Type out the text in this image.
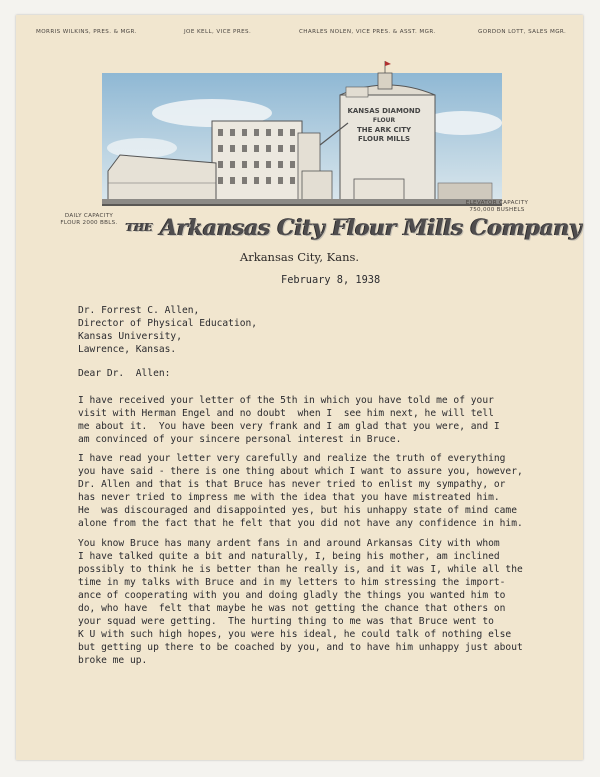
MORRIS WILKINS, PRES. & MGR.	JOE KELL, VICE PRES.	CHARLES NOLEN, VICE PRES. & ASST. MGR.	GORDON LOTT, SALES MGR.
KANSAS DIAMOND
FLOUR
THE ARK CITY
FLOUR MILLS
DAILY CAPACITY
FLOUR 2000 BBLS.
ELEVATOR CAPACITY
750,000 BUSHELS
THE Arkansas City Flour Mills Company
Arkansas City, Kans.
February 8, 1938
Dr. Forrest C. Allen,
Director of Physical Education,
Kansas University,
Lawrence, Kansas.
Dear Dr.  Allen:
I have received your letter of the 5th in which you have told me of your
visit with Herman Engel and no doubt  when I  see him next, he will tell
me about it.  You have been very frank and I am glad that you were, and I
am convinced of your sincere personal interest in Bruce.
I have read your letter very carefully and realize the truth of everything
you have said - there is one thing about which I want to assure you, however,
Dr. Allen and that is that Bruce has never tried to enlist my sympathy, or
has never tried to impress me with the idea that you have mistreated him.
He  was discouraged and disappointed yes, but his unhappy state of mind came
alone from the fact that he felt that you did not have any confidence in him.
You know Bruce has many ardent fans in and around Arkansas City with whom
I have talked quite a bit and naturally, I, being his mother, am inclined
possibly to think he is better than he really is, and it was I, while all the
time in my talks with Bruce and in my letters to him stressing the import-
ance of cooperating with you and doing gladly the things you wanted him to
do, who have  felt that maybe he was not getting the chance that others on
your squad were getting.  The hurting thing to me was that Bruce went to
K U with such high hopes, you were his ideal, he could talk of nothing else
but getting up there to be coached by you, and to have him unhappy just about
broke me up.
